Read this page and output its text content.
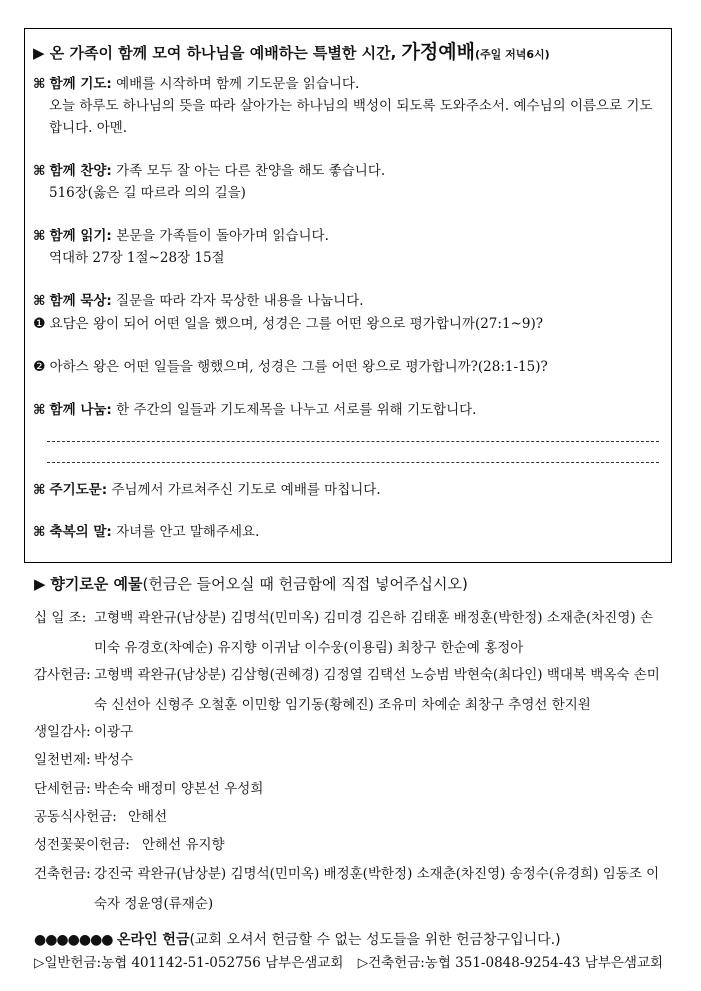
▶ 온 가족이 함께 모여 하나님을 예배하는 특별한 시간, 가정예배(주일 저녁6시)
⌘ 함께 기도: 예배를 시작하며 함께 기도문을 읽습니다.
오늘 하루도 하나님의 뜻을 따라 살아가는 하나님의 백성이 되도록 도와주소서. 예수님의 이름으로 기도합니다. 아멘.
⌘ 함께 찬양: 가족 모두 잘 아는 다른 찬양을 해도 좋습니다.
516장(옳은 길 따르라 의의 길을)
⌘ 함께 읽기: 본문을 가족들이 돌아가며 읽습니다.
역대하 27장 1절~28장 15절
⌘ 함께 묵상: 질문을 따라 각자 묵상한 내용을 나눕니다.
❶ 요담은 왕이 되어 어떤 일을 했으며, 성경은 그를 어떤 왕으로 평가합니까(27:1~9)?
❷ 아하스 왕은 어떤 일들을 행했으며, 성경은 그를 어떤 왕으로 평가합니까?(28:1-15)?
⌘ 함께 나눔: 한 주간의 일들과 기도제목을 나누고 서로를 위해 기도합니다.
⌘ 주기도문: 주님께서 가르쳐주신 기도로 예배를 마칩니다.
⌘ 축복의 말: 자녀를 안고 말해주세요.
▶ 향기로운 예물(헌금은 들어오실 때 헌금함에 직접 넣어주십시오)
십 일 조: 고형백 곽완규(남상분) 김명석(민미옥) 김미경 김은하 김태훈 배정훈(박한정) 소재춘(차진영) 손미숙 유경호(차예순) 유지향 이귀남 이수웅(이용림) 최창구 한순예 홍정아
감사헌금: 고형백 곽완규(남상분) 김삼형(권혜경) 김정열 김택선 노승범 박현숙(최다인) 백대복 백옥숙 손미숙 신선아 신형주 오철훈 이민항 임기동(황혜진) 조유미 차예순 최창구 추영선 한지원
생일감사: 이광구
일천번제: 박성수
단세헌금: 박손숙 배정미 양본선 우성희
공동식사헌금: 안해선
성전꽃꽂이헌금: 안해선 유지향
건축헌금: 강진국 곽완규(남상분) 김명석(민미옥) 배정훈(박한정) 소재춘(차진영) 송정수(유경희) 임동조 이숙자 정윤영(류재순)
●●●●●●● 온라인 헌금(교회 오셔서 헌금할 수 없는 성도들을 위한 헌금창구입니다.)
▷일반헌금:농협 401142-51-052756 남부은샘교회 ▷건축헌금:농협 351-0848-9254-43 남부은샘교회
